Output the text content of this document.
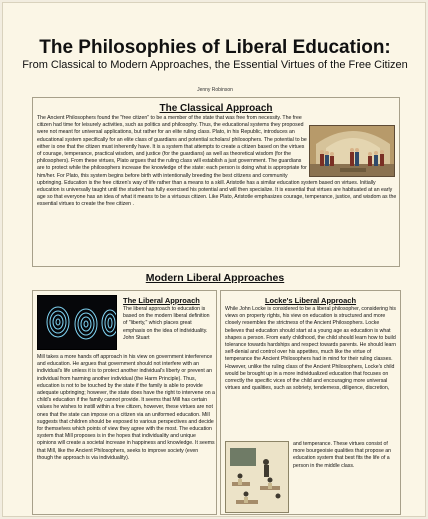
The Philosophies of Liberal Education:
From Classical to Modern Approaches, the Essential Virtues of the Free Citizen
Jenny Robinson
The Classical Approach
The Ancient Philosophers found the "free citizen" to be a member of the state that was free from necessity. The free citizen had time for leisurely activities, such as politics and philosophy. Thus, the educational systems they proposed were not meant for universal applications, but rather for an elite ruling class. Plato, in his Republic, introduces an educational system specifically for an elite class of guardians and potential scholars/ philosophers. The potential to be either is one that the citizen must inherently have. It is a system that attempts to create a citizen based on the virtues of courage, temperance, practical wisdom, and justice (for the guardians) as well as theoretical wisdom (for the philosophers). From these virtues, Plato argues that the ruling class will establish a just government. The guardians are to protect while the philosophers increase the knowledge of the state: each person is doing what is appropriate for him/her. For Plato, this system begins before birth with intentionally breeding the best citizens and community upbringing. Education is the free citizen's way of life rather than a means to a skill. Aristotle has a similar education system based on virtues. Initially education is universally taught until the student has fully exercised his potential and will then specialize. It is essential that virtues are habituated at an early age so that everyone has an idea of what it means to be a virtuous citizen. Like Plato, Aristotle emphasizes courage, temperance, justice, and wisdom as the essential virtues to create the free citizen .
Modern Liberal Approaches
The Liberal Approach
The liberal approach to education is based on the modern liberal definition of "liberty," which places great emphasis on the idea of individuality. John Stuart
Mill takes a more hands off approach in his view on government interference and education. He argues that government should not interfere with an individual's life unless it is to protect another individual's liberty or prevent an individual from harming another individual (the Harm Principle). Thus, education is not to be touched by the state if the family is able to provide adequate upbringing; however, the state does have the right to intervene on a child's education if the family cannot provide. It seems that Mill has certain values he wishes to instill within a free citizen, however, these virtues are not ones that the state can impose on a citizen via an uniformed education. Mill suggests that children should be exposed to various perspectives and decide for themselves which points of view they agree with the most. The education system that Mill proposes is in the hopes that individuality and unique opinions will create a societal increase in happiness and knowledge. It seems that Mill, like the Ancient Philosophers, seeks to improve society (even though the approach is via individuality).
Locke's Liberal Approach
While John Locke is considered to be a liberal philosopher, considering his views on property rights, his view on education is structured and more closely resembles the strictness of the Ancient Philosophers. Locke believes that education should start at a young age as education is what shapes a person. From early childhood, the child should learn how to build tolerance towards hardships and respect towards parents. He should learn self-denial and control over his appetites, much like the virtue of temperance the Ancient Philosophers had in mind for their ruling classes. However, unlike the ruling class of the Ancient Philosophers, Locke's child would be brought up in a more individualized education that focuses on correctly the specific vices of the child and encouraging more universal virtues and qualities, such as sobriety, tenderness, diligence, discretion,
and temperance. These virtues consist of more bourgeoisie qualities that propose an education system that best fits the life of a person in the middle class.
